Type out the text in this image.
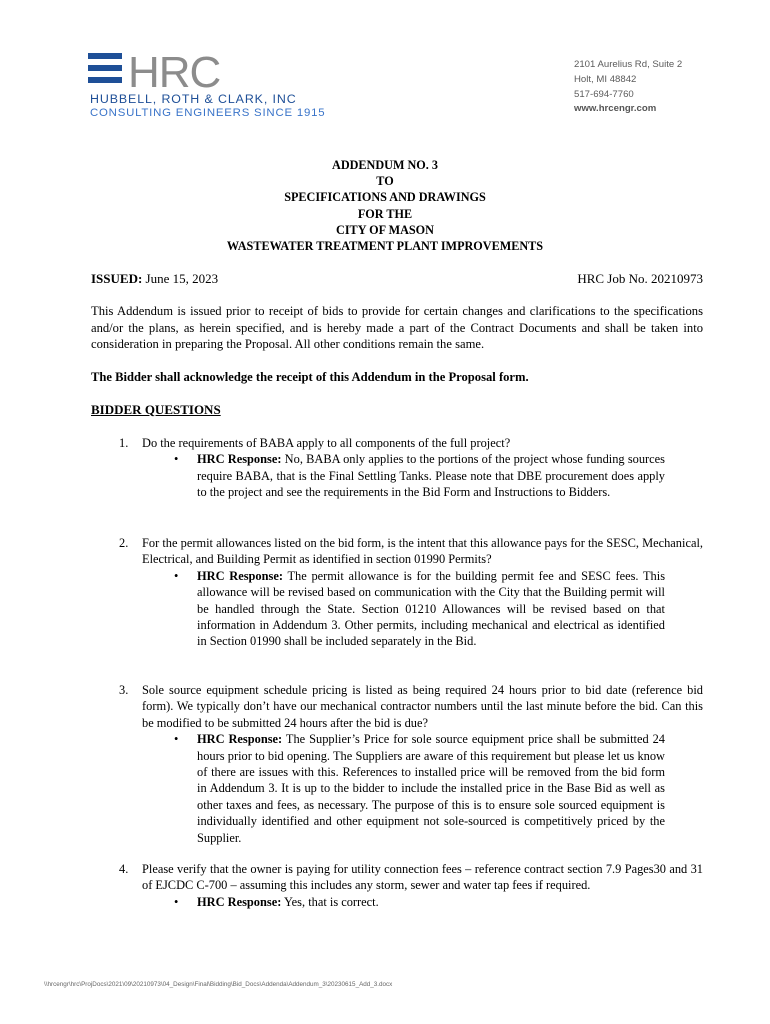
HRC
HUBBELL, ROTH & CLARK, INC
CONSULTING ENGINEERS SINCE 1915
2101 Aurelius Rd, Suite 2
Holt, MI 48842
517-694-7760
www.hrcengr.com
ADDENDUM NO. 3
TO
SPECIFICATIONS AND DRAWINGS
FOR THE
CITY OF MASON
WASTEWATER TREATMENT PLANT IMPROVEMENTS
ISSUED: June 15, 2023	HRC Job No. 20210973
This Addendum is issued prior to receipt of bids to provide for certain changes and clarifications to the specifications and/or the plans, as herein specified, and is hereby made a part of the Contract Documents and shall be taken into consideration in preparing the Proposal. All other conditions remain the same.
The Bidder shall acknowledge the receipt of this Addendum in the Proposal form.
BIDDER QUESTIONS
1. Do the requirements of BABA apply to all components of the full project?
• HRC Response: No, BABA only applies to the portions of the project whose funding sources require BABA, that is the Final Settling Tanks. Please note that DBE procurement does apply to the project and see the requirements in the Bid Form and Instructions to Bidders.
2. For the permit allowances listed on the bid form, is the intent that this allowance pays for the SESC, Mechanical, Electrical, and Building Permit as identified in section 01990 Permits?
• HRC Response: The permit allowance is for the building permit fee and SESC fees. This allowance will be revised based on communication with the City that the Building permit will be handled through the State. Section 01210 Allowances will be revised based on that information in Addendum 3. Other permits, including mechanical and electrical as identified in Section 01990 shall be included separately in the Bid.
3. Sole source equipment schedule pricing is listed as being required 24 hours prior to bid date (reference bid form). We typically don’t have our mechanical contractor numbers until the last minute before the bid. Can this be modified to be submitted 24 hours after the bid is due?
• HRC Response: The Supplier’s Price for sole source equipment price shall be submitted 24 hours prior to bid opening. The Suppliers are aware of this requirement but please let us know of there are issues with this. References to installed price will be removed from the bid form in Addendum 3. It is up to the bidder to include the installed price in the Base Bid as well as other taxes and fees, as necessary. The purpose of this is to ensure sole sourced equipment is individually identified and other equipment not sole-sourced is competitively priced by the Supplier.
4. Please verify that the owner is paying for utility connection fees – reference contract section 7.9 Pages30 and 31 of EJCDC C-700 – assuming this includes any storm, sewer and water tap fees if required.
• HRC Response: Yes, that is correct.
\\hrcengr\hrc\ProjDocs\2021\09\20210973\04_Design\Final\Bidding\Bid_Docs\Addenda\Addendum_3\20230615_Add_3.docx
